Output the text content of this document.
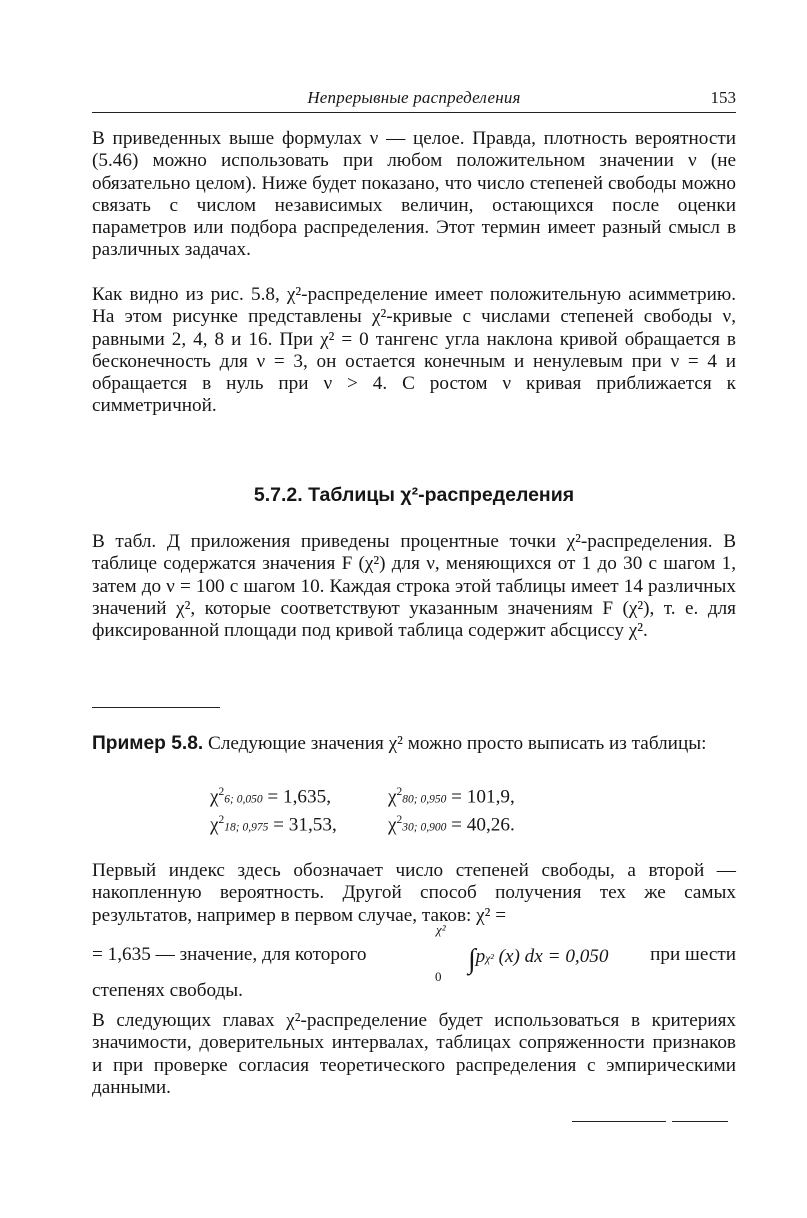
Непрерывные распределения	153

В приведенных выше формулах ν — целое. Правда, плотность вероятности (5.46) можно использовать при любом положительном значении ν (не обязательно целом). Ниже будет показано, что число степеней свободы можно связать с числом независимых величин, остающихся после оценки параметров или подбора распределения. Этот термин имеет разный смысл в различных задачах.

Как видно из рис. 5.8, χ²-распределение имеет положительную асимметрию. На этом рисунке представлены χ²-кривые с числами степеней свободы ν, равными 2, 4, 8 и 16. При χ² = 0 тангенс угла наклона кривой обращается в бесконечность для ν = 3, он остается конечным и ненулевым при ν = 4 и обращается в нуль при ν > 4. С ростом ν кривая приближается к симметричной.

5.7.2. Таблицы χ²-распределения

В табл. Д приложения приведены процентные точки χ²-распределения. В таблице содержатся значения F (χ²) для ν, меняющихся от 1 до 30 с шагом 1, затем до ν = 100 с шагом 10. Каждая строка этой таблицы имеет 14 различных значений χ², которые соответствуют указанным значениям F (χ²), т. е. для фиксированной площади под кривой таблица содержит абсциссу χ².

Пример 5.8. Следующие значения χ² можно просто выписать из таблицы:
$\chi^26$; 0,050 = 1,635,	$\chi^280$; 0,950 = 101,9,
$\chi^218$; 0,975 = 31,53,	$\chi^230$; 0,900 = 40,26.

Первый индекс здесь обозначает число степеней свободы, а второй — накопленную вероятность. Другой способ получения тех же самых результатов, например в первом случае, таков: χ² =

χ²
= 1,635 — значение, для которого	∫pχ² (x) dx = 0,050 при шести
0

степенях свободы.

В следующих главах χ²-распределение будет использоваться в критериях значимости, доверительных интервалах, таблицах сопряженности признаков и при проверке согласия теоретического распределения с эмпирическими данными.
